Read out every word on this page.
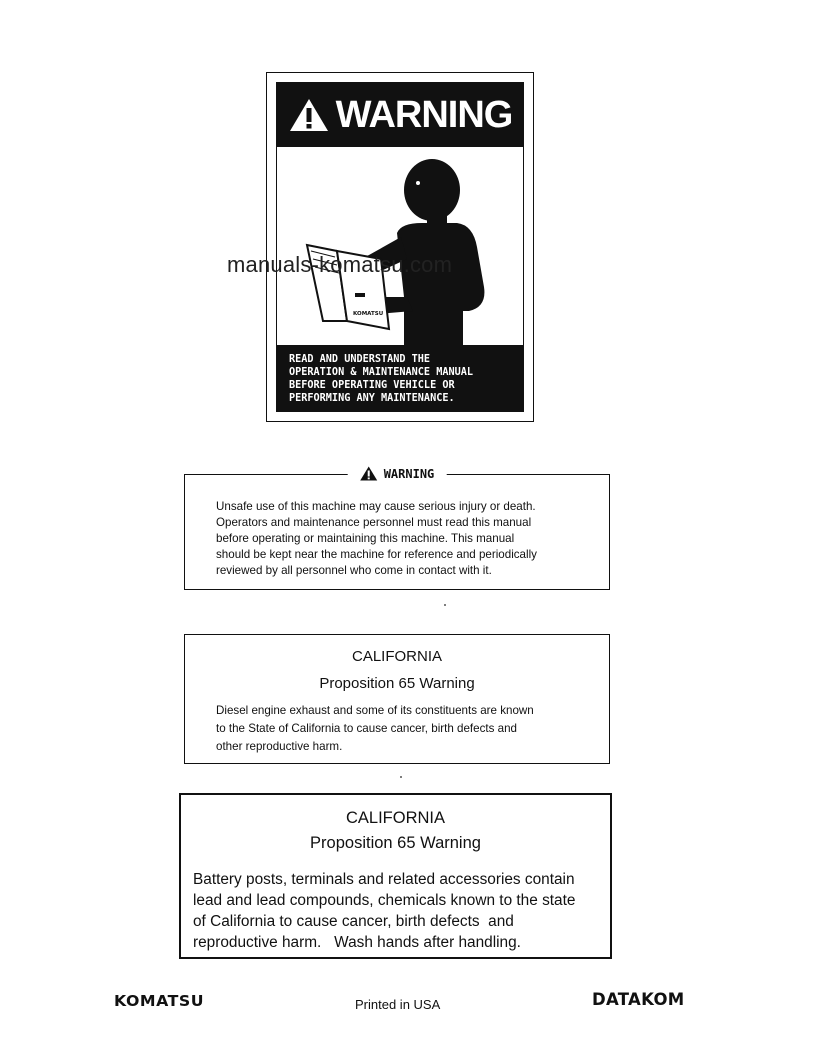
WARNING
KOMATSU
READ AND UNDERSTAND THE
OPERATION & MAINTENANCE MANUAL
BEFORE OPERATING VEHICLE OR
PERFORMING ANY MAINTENANCE.
manuals-komatsu.com
WARNING
Unsafe use of this machine may cause serious injury or death.
Operators and maintenance personnel must read this manual
before operating or maintaining this machine. This manual
should be kept near the machine for reference and periodically
reviewed by all personnel who come in contact with it.
CALIFORNIA
Proposition 65 Warning
Diesel engine exhaust and some of its constituents are known
to the State of California to cause cancer, birth defects and
other reproductive harm.
CALIFORNIA
Proposition 65 Warning
Battery posts, terminals and related accessories contain
lead and lead compounds, chemicals known to the state
of California to cause cancer, birth defects  and
reproductive harm.   Wash hands after handling.
KOMATSU	Printed in USA	DATAKOM
